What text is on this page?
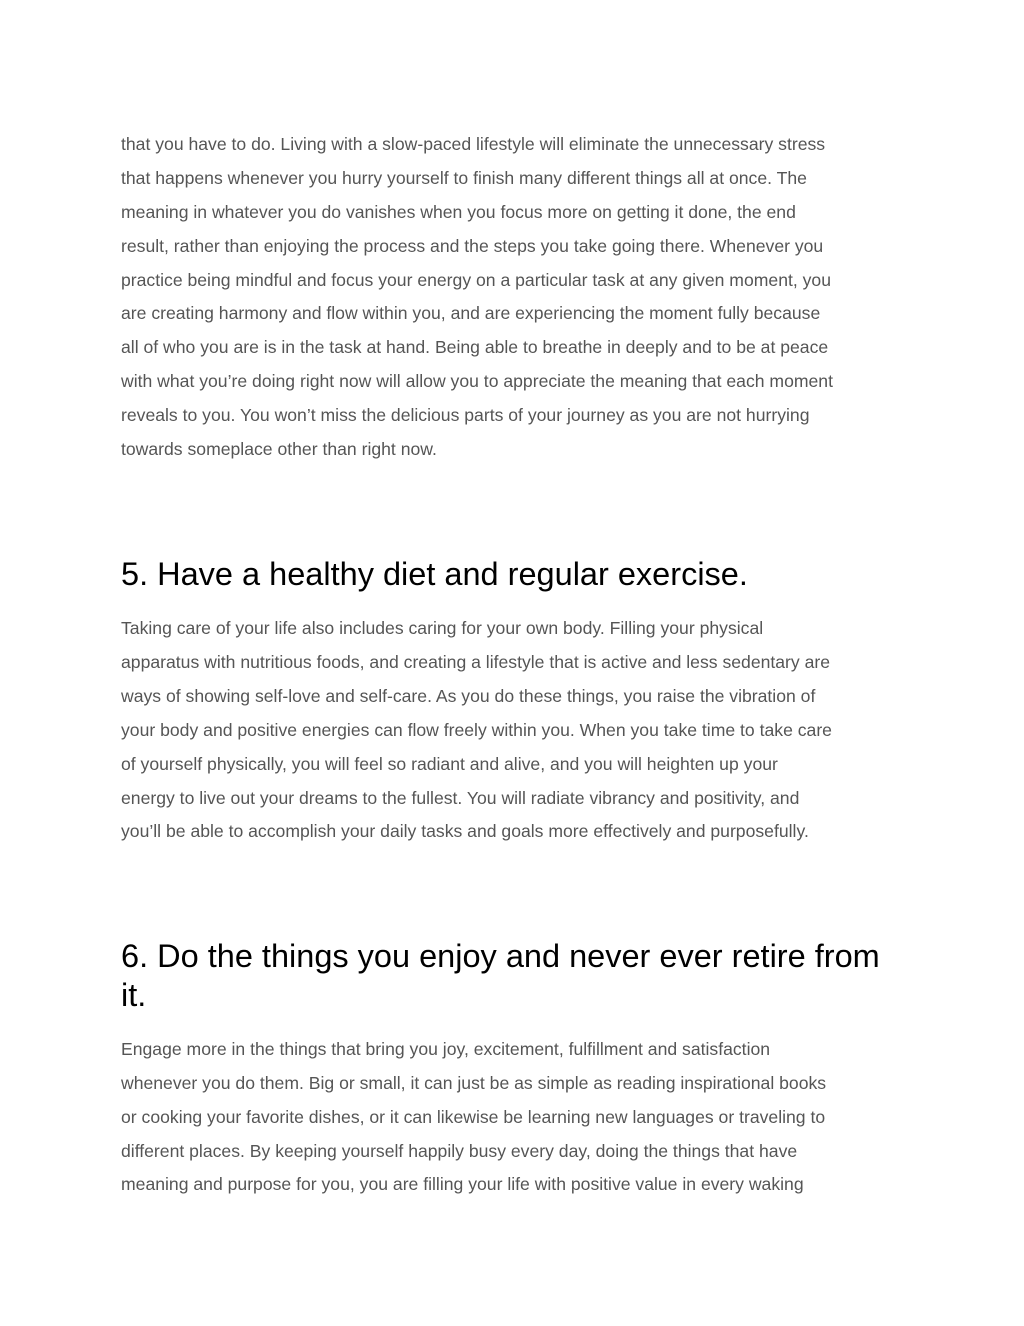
that you have to do. Living with a slow-paced lifestyle will eliminate the unnecessary stress

that happens whenever you hurry yourself to finish many different things all at once. The

meaning in whatever you do vanishes when you focus more on getting it done, the end

result, rather than enjoying the process and the steps you take going there. Whenever you

practice being mindful and focus your energy on a particular task at any given moment, you

are creating harmony and flow within you, and are experiencing the moment fully because

all of who you are is in the task at hand. Being able to breathe in deeply and to be at peace

with what you’re doing right now will allow you to appreciate the meaning that each moment

reveals to you. You won’t miss the delicious parts of your journey as you are not hurrying

towards someplace other than right now.

5. Have a healthy diet and regular exercise.

Taking care of your life also includes caring for your own body. Filling your physical

apparatus with nutritious foods, and creating a lifestyle that is active and less sedentary are

ways of showing self-love and self-care. As you do these things, you raise the vibration of

your body and positive energies can flow freely within you. When you take time to take care

of yourself physically, you will feel so radiant and alive, and you will heighten up your

energy to live out your dreams to the fullest. You will radiate vibrancy and positivity, and

you’ll be able to accomplish your daily tasks and goals more effectively and purposefully.

6. Do the things you enjoy and never ever retire from
it.

Engage more in the things that bring you joy, excitement, fulfillment and satisfaction

whenever you do them. Big or small, it can just be as simple as reading inspirational books

or cooking your favorite dishes, or it can likewise be learning new languages or traveling to

different places. By keeping yourself happily busy every day, doing the things that have

meaning and purpose for you, you are filling your life with positive value in every waking
